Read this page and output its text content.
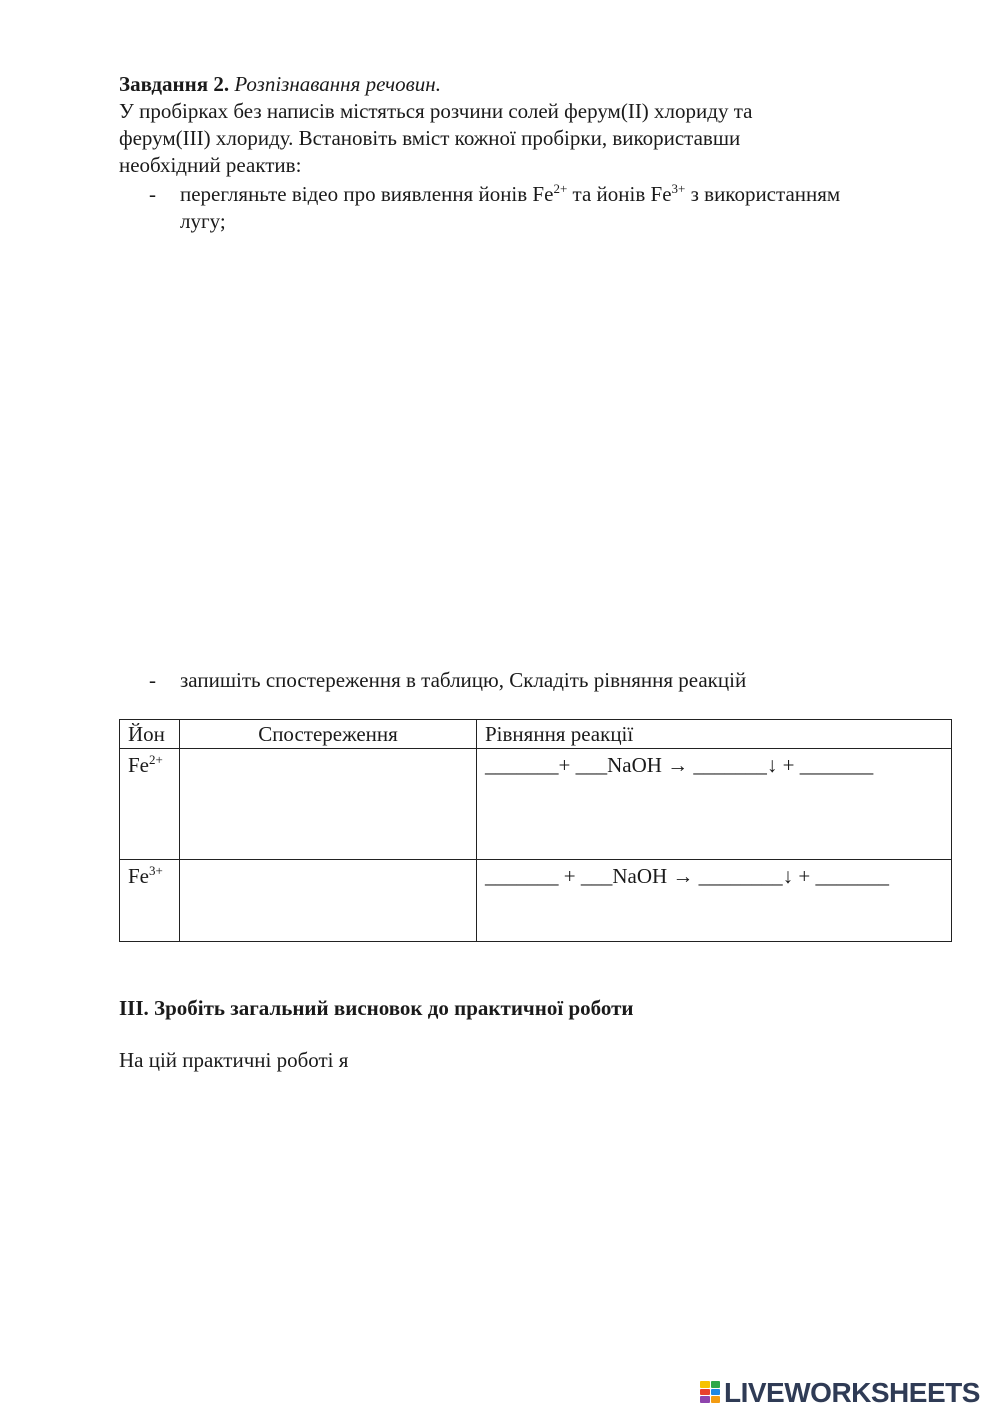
Завдання 2. Розпізнавання речовин.
У пробірках без написів містяться розчини солей ферум(ІІ) хлориду та
ферум(ІІІ) хлориду. Встановіть вміст кожної пробірки, використавши
необхідний реактив:
-	перегляньте відео про виявлення йонів $Fe^{2+}$ та йонів $Fe^{3+}$ з використанням
лугу;
-	запишіть спостереження в таблицю, Складіть рівняння реакцій
Йон	Спостереження	Рівняння реакції
$Fe^{2+}$		_______+ ___NaOH → _______↓ + _______
$Fe^{3+}$		_______ + ___NaOH → ________↓ + _______
ІІІ. Зробіть загальний висновок до практичної роботи
На цій практичні роботі я
LIVEWORKSHEETS
